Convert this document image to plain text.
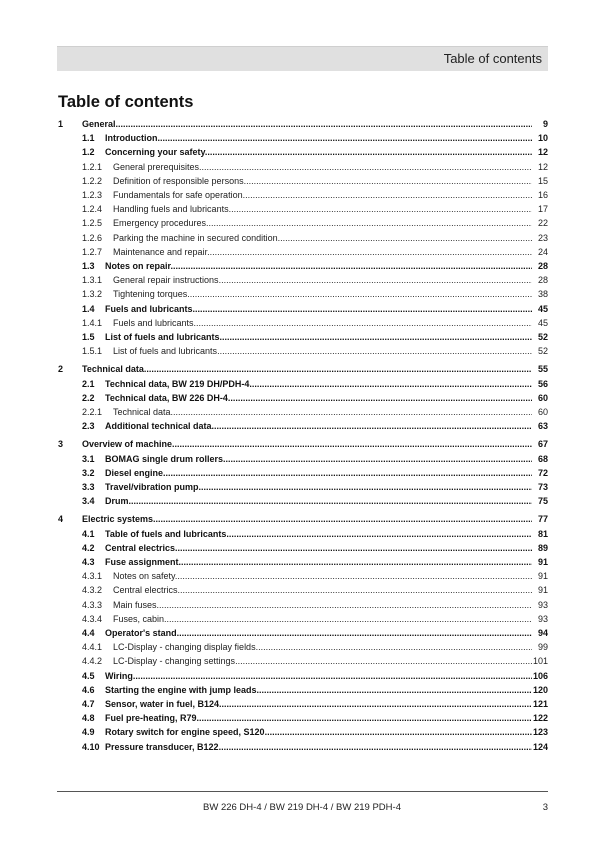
Table of contents
Table of contents
1 General .....	9
1.1 Introduction .....	10
1.2 Concerning your safety .....	12
1.2.1 General prerequisites .....	12
1.2.2 Definition of responsible persons .....	15
1.2.3 Fundamentals for safe operation .....	16
1.2.4 Handling fuels and lubricants .....	17
1.2.5 Emergency procedures .....	22
1.2.6 Parking the machine in secured condition .....	23
1.2.7 Maintenance and repair .....	24
1.3 Notes on repair .....	28
1.3.1 General repair instructions .....	28
1.3.2 Tightening torques .....	38
1.4 Fuels and lubricants .....	45
1.4.1 Fuels and lubricants .....	45
1.5 List of fuels and lubricants .....	52
1.5.1 List of fuels and lubricants .....	52
2 Technical data .....	55
2.1 Technical data, BW 219 DH/PDH-4 .....	56
2.2 Technical data, BW 226 DH-4 .....	60
2.2.1 Technical data .....	60
2.3 Additional technical data .....	63
3 Overview of machine .....	67
3.1 BOMAG single drum rollers .....	68
3.2 Diesel engine .....	72
3.3 Travel/vibration pump .....	73
3.4 Drum .....	75
4 Electric systems .....	77
4.1 Table of fuels and lubricants .....	81
4.2 Central electrics .....	89
4.3 Fuse assignment .....	91
4.3.1 Notes on safety .....	91
4.3.2 Central electrics .....	91
4.3.3 Main fuses .....	93
4.3.4 Fuses, cabin .....	93
4.4 Operator's stand .....	94
4.4.1 LC-Display - changing display fields .....	99
4.4.2 LC-Display - changing settings .....	101
4.5 Wiring .....	106
4.6 Starting the engine with jump leads .....	120
4.7 Sensor, water in fuel, B124 .....	121
4.8 Fuel pre-heating, R79 .....	122
4.9 Rotary switch for engine speed, S120 .....	123
4.10 Pressure transducer, B122 .....	124
BW 226 DH-4 / BW 219 DH-4 / BW 219 PDH-4	3
